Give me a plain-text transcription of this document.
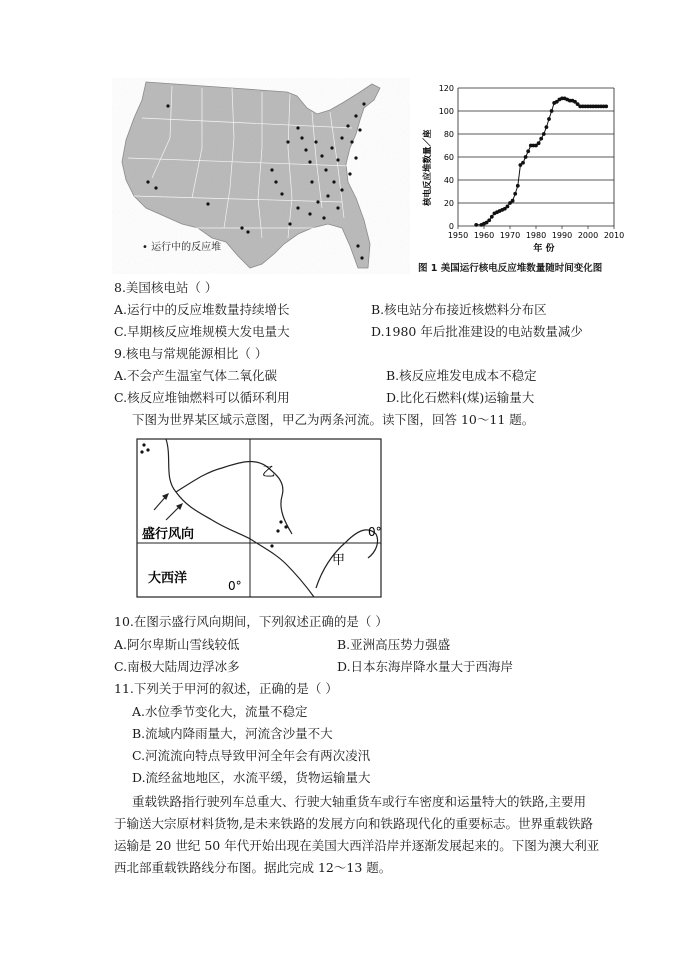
• 运行中的反应堆
0
20
40
60
80
100
120
1950 1960 1970 1980 1990 2000 2010
核电反应堆数量／座
年 份
图 1 美国运行核电反应堆数量随时间变化图
8.美国核电站（ ）
A.运行中的反应堆数量持续增长	B.核电站分布接近核燃料分布区
C.早期核反应堆规模大发电量大	D.1980 年后批准建设的电站数量减少
9.核电与常规能源相比（ ）
A.不会产生温室气体二氧化碳	B.核反应堆发电成本不稳定
C.核反应堆铀燃料可以循环利用	D.比化石燃料(煤)运输量大
下图为世界某区域示意图，甲乙为两条河流。读下图，回答 10～11 题。
乙
甲
盛行风向
大西洋
0°
0°
10.在图示盛行风向期间，下列叙述正确的是（ ）
A.阿尔卑斯山雪线较低	B.亚洲高压势力强盛
C.南极大陆周边浮冰多	D.日本东海岸降水量大于西海岸
11.下列关于甲河的叙述，正确的是（ ）
A.水位季节变化大，流量不稳定
B.流域内降雨量大，河流含沙量不大
C.河流流向特点导致甲河全年会有两次凌汛
D.流经盆地地区，水流平缓，货物运输量大
重载铁路指行驶列车总重大、行驶大轴重货车或行车密度和运量特大的铁路,主要用
于输送大宗原材料货物,是未来铁路的发展方向和铁路现代化的重要标志。世界重载铁路
运输是 20 世纪 50 年代开始出现在美国大西洋沿岸并逐渐发展起来的。下图为澳大利亚
西北部重载铁路线分布图。据此完成 12～13 题。
